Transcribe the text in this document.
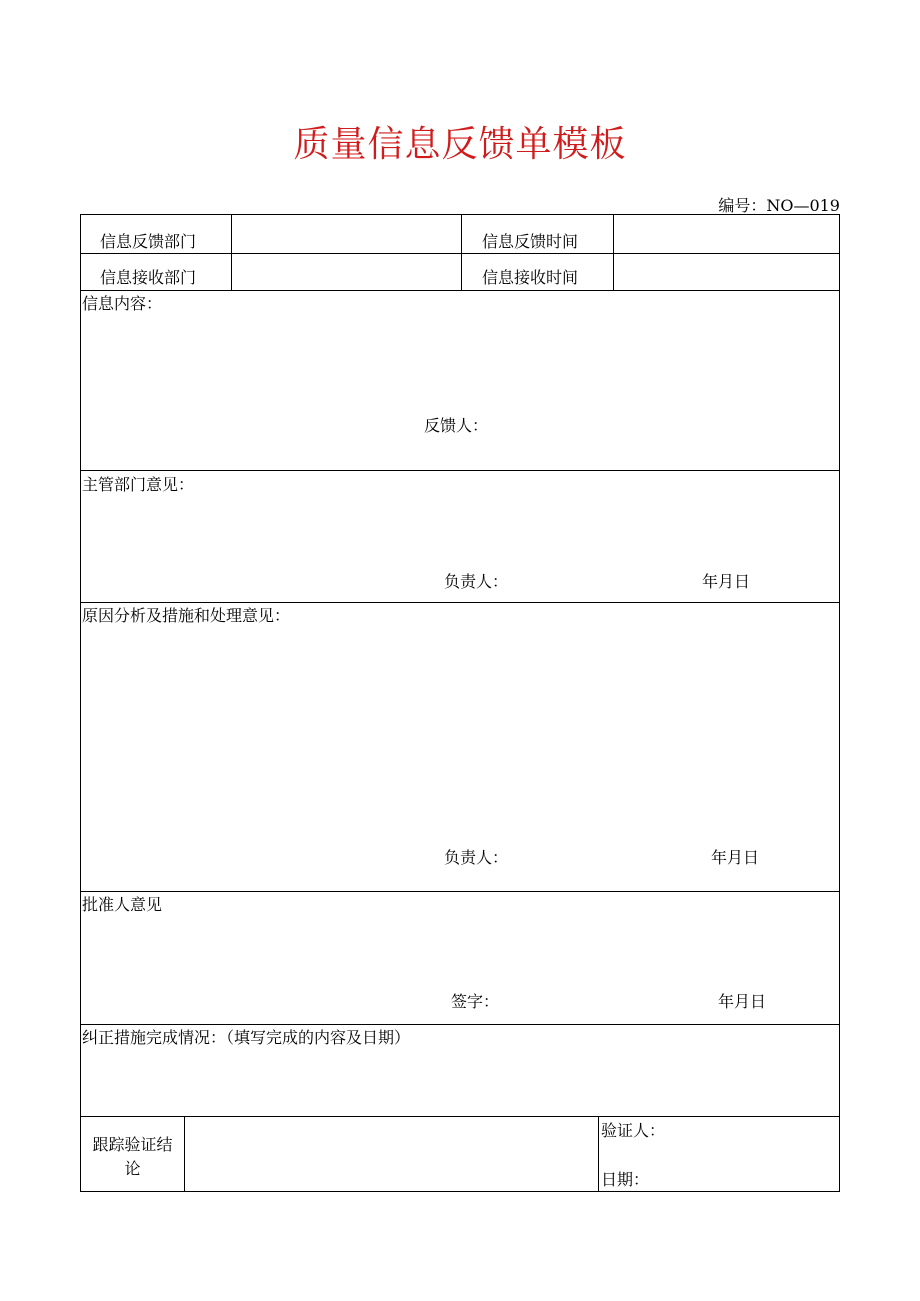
质量信息反馈单模板
编号：NO—019
信息反馈部门	信息反馈时间
信息接收部门	信息接收时间
信息内容：
反馈人：
主管部门意见：
负责人：	年月日
原因分析及措施和处理意见：
负责人：	年月日
批准人意见
签字：	年月日
纠正措施完成情况：（填写完成的内容及日期）
跟踪验证结
论
验证人：
日期：
